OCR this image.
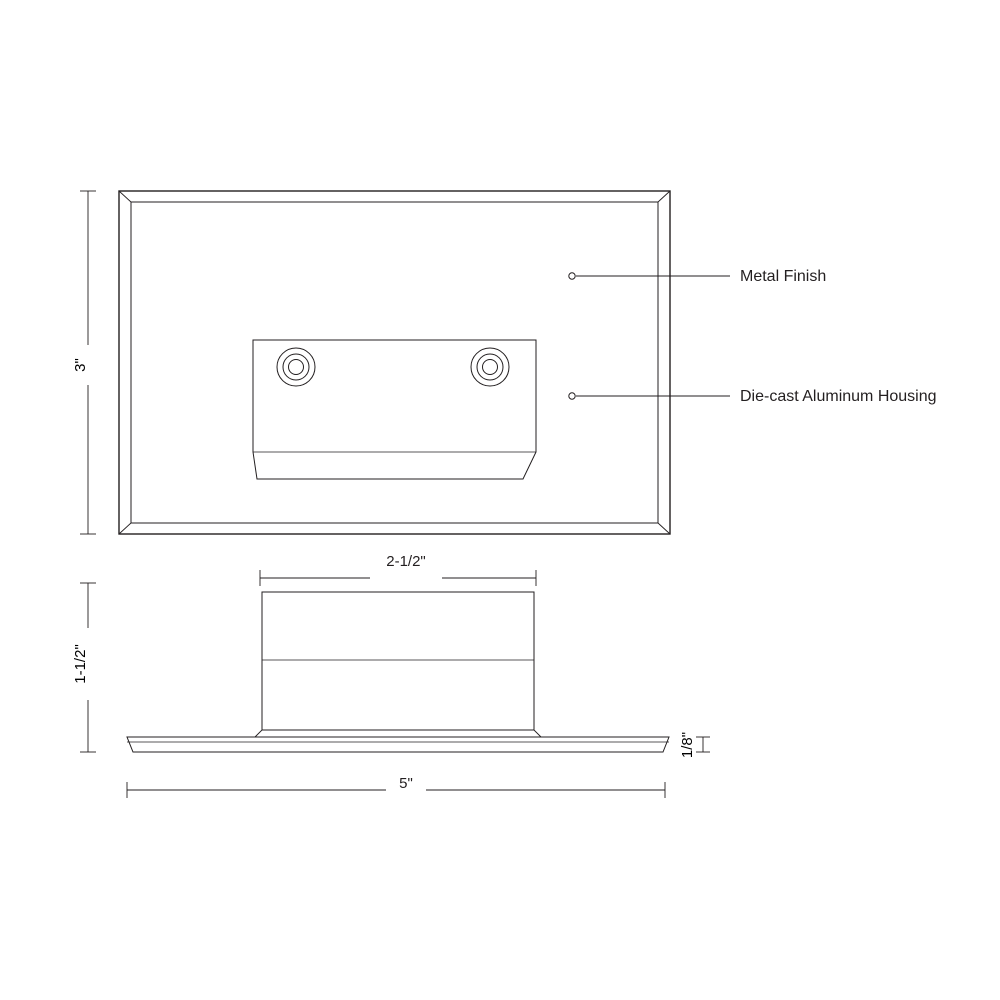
3"
Metal Finish
Die-cast Aluminum Housing
2-1/2"
1-1/2"
5"
1/8"
